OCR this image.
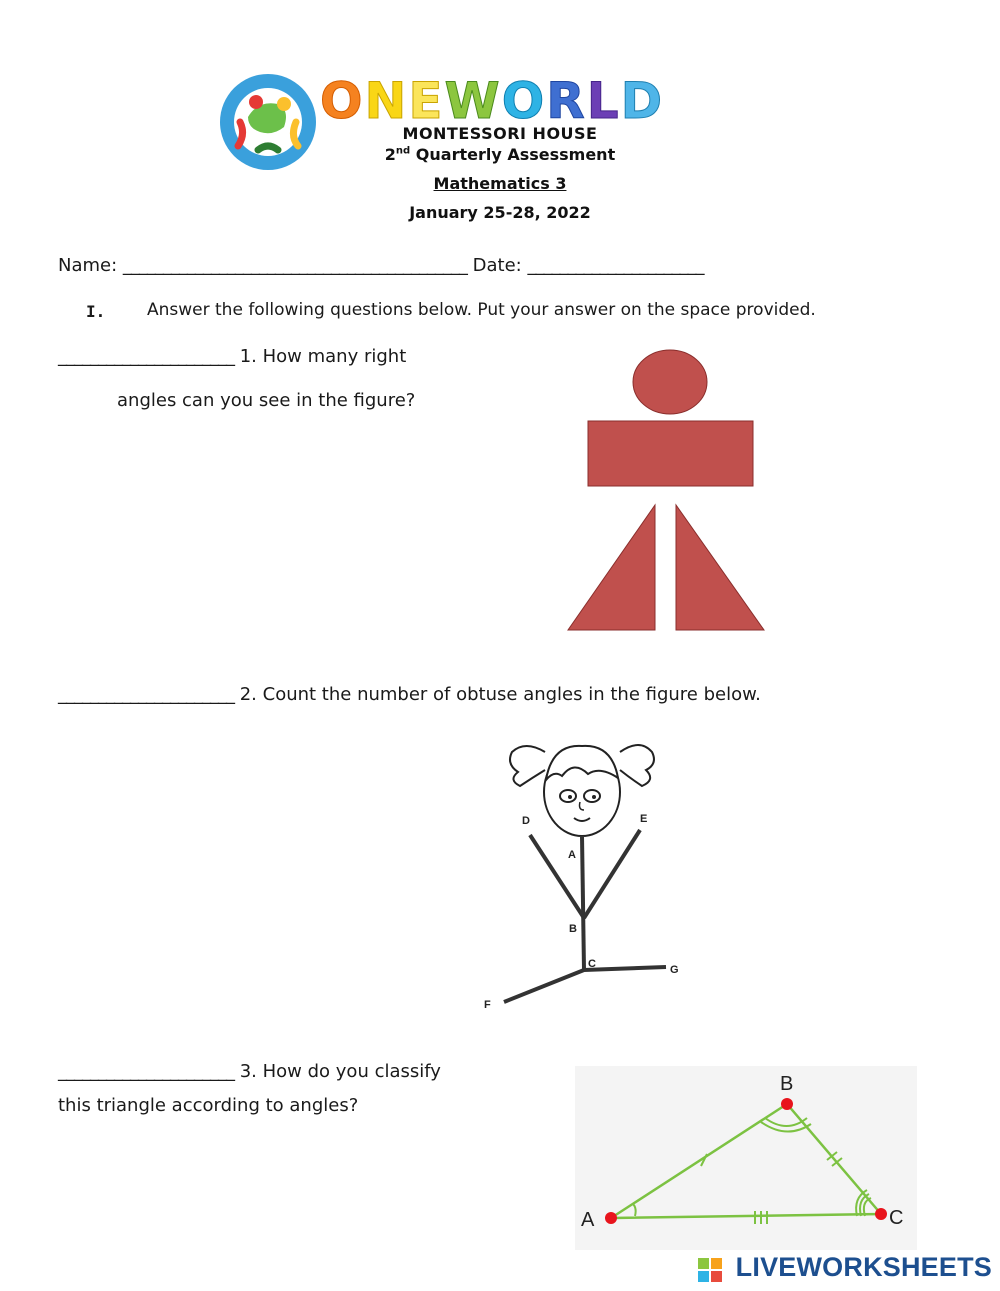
ONEWORLD
MONTESSORI HOUSE
2nd Quarterly Assessment
Mathematics 3
January 25-28, 2022
Name: ___________________________________________ Date: ______________________
I. Answer the following questions below. Put your answer on the space provided.
______________________ 1. How many right
angles can you see in the figure?
______________________ 2. Count the number of obtuse angles in the figure below.
D	E
A
B
C	G
F
______________________ 3. How do you classify
this triangle according to angles?
A
B
C
LIVEWORKSHEETS
